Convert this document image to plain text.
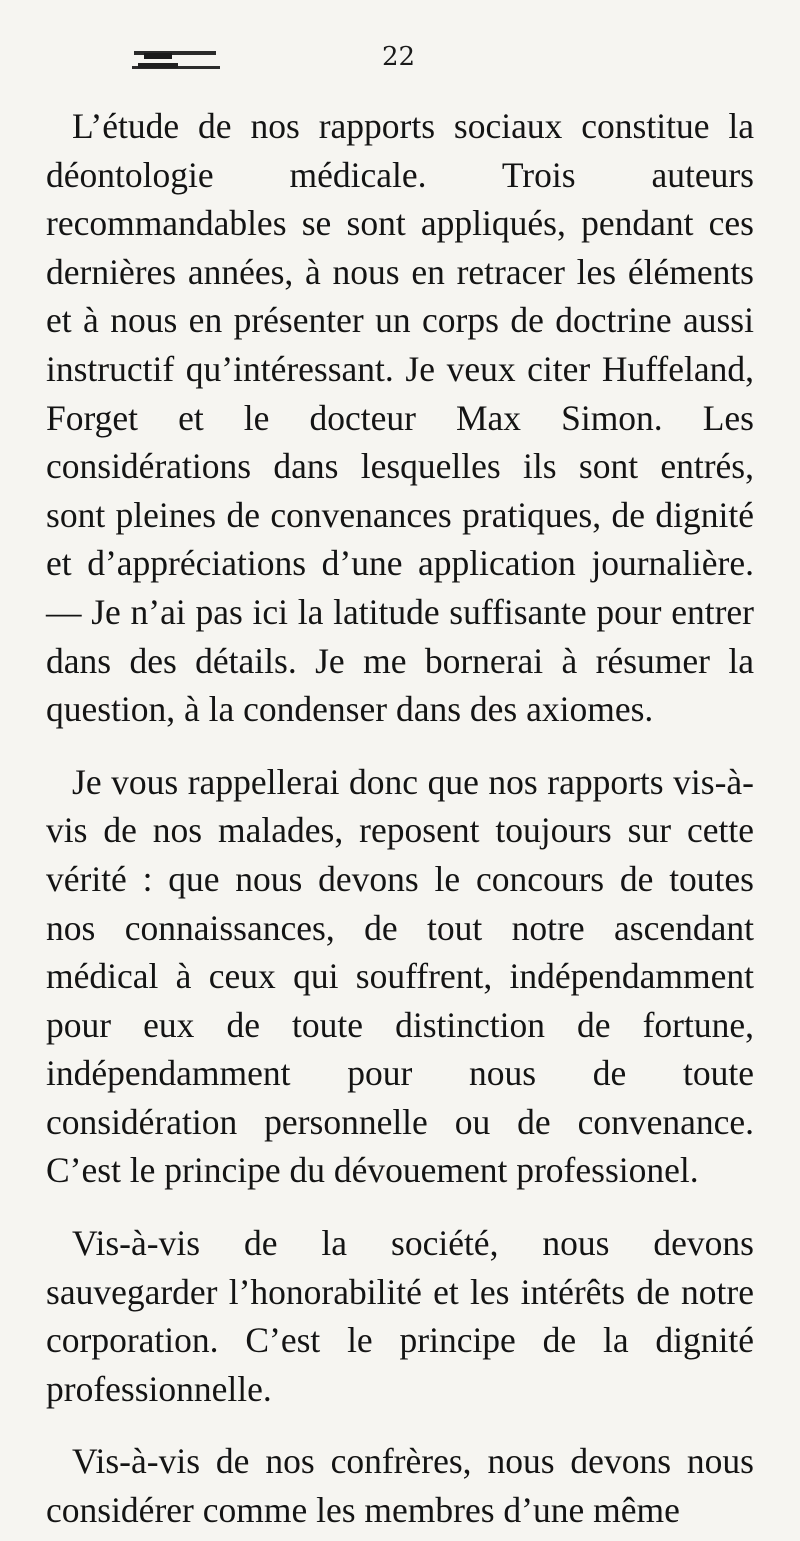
22

L’étude de nos rapports sociaux constitue la déontologie médicale. Trois auteurs recommandables se sont appliqués, pendant ces dernières années, à nous en retracer les éléments et à nous en présenter un corps de doctrine aussi instructif qu’intéressant. Je veux citer Huffeland, Forget et le docteur Max Simon. Les considérations dans lesquelles ils sont entrés, sont pleines de convenances pratiques, de dignité et d’appréciations d’une application journalière. — Je n’ai pas ici la latitude suffisante pour entrer dans des détails. Je me bornerai à résumer la question, à la condenser dans des axiomes.

Je vous rappellerai donc que nos rapports vis-à-vis de nos malades, reposent toujours sur cette vérité : que nous devons le concours de toutes nos connaissances, de tout notre ascendant médical à ceux qui souffrent, indépendamment pour eux de toute distinction de fortune, indépendamment pour nous de toute considération personnelle ou de convenance. C’est le principe du dévouement professionel.

Vis-à-vis de la société, nous devons sauvegarder l’honorabilité et les intérêts de notre corporation. C’est le principe de la dignité professionnelle.

Vis-à-vis de nos confrères, nous devons nous considérer comme les membres d’une même
